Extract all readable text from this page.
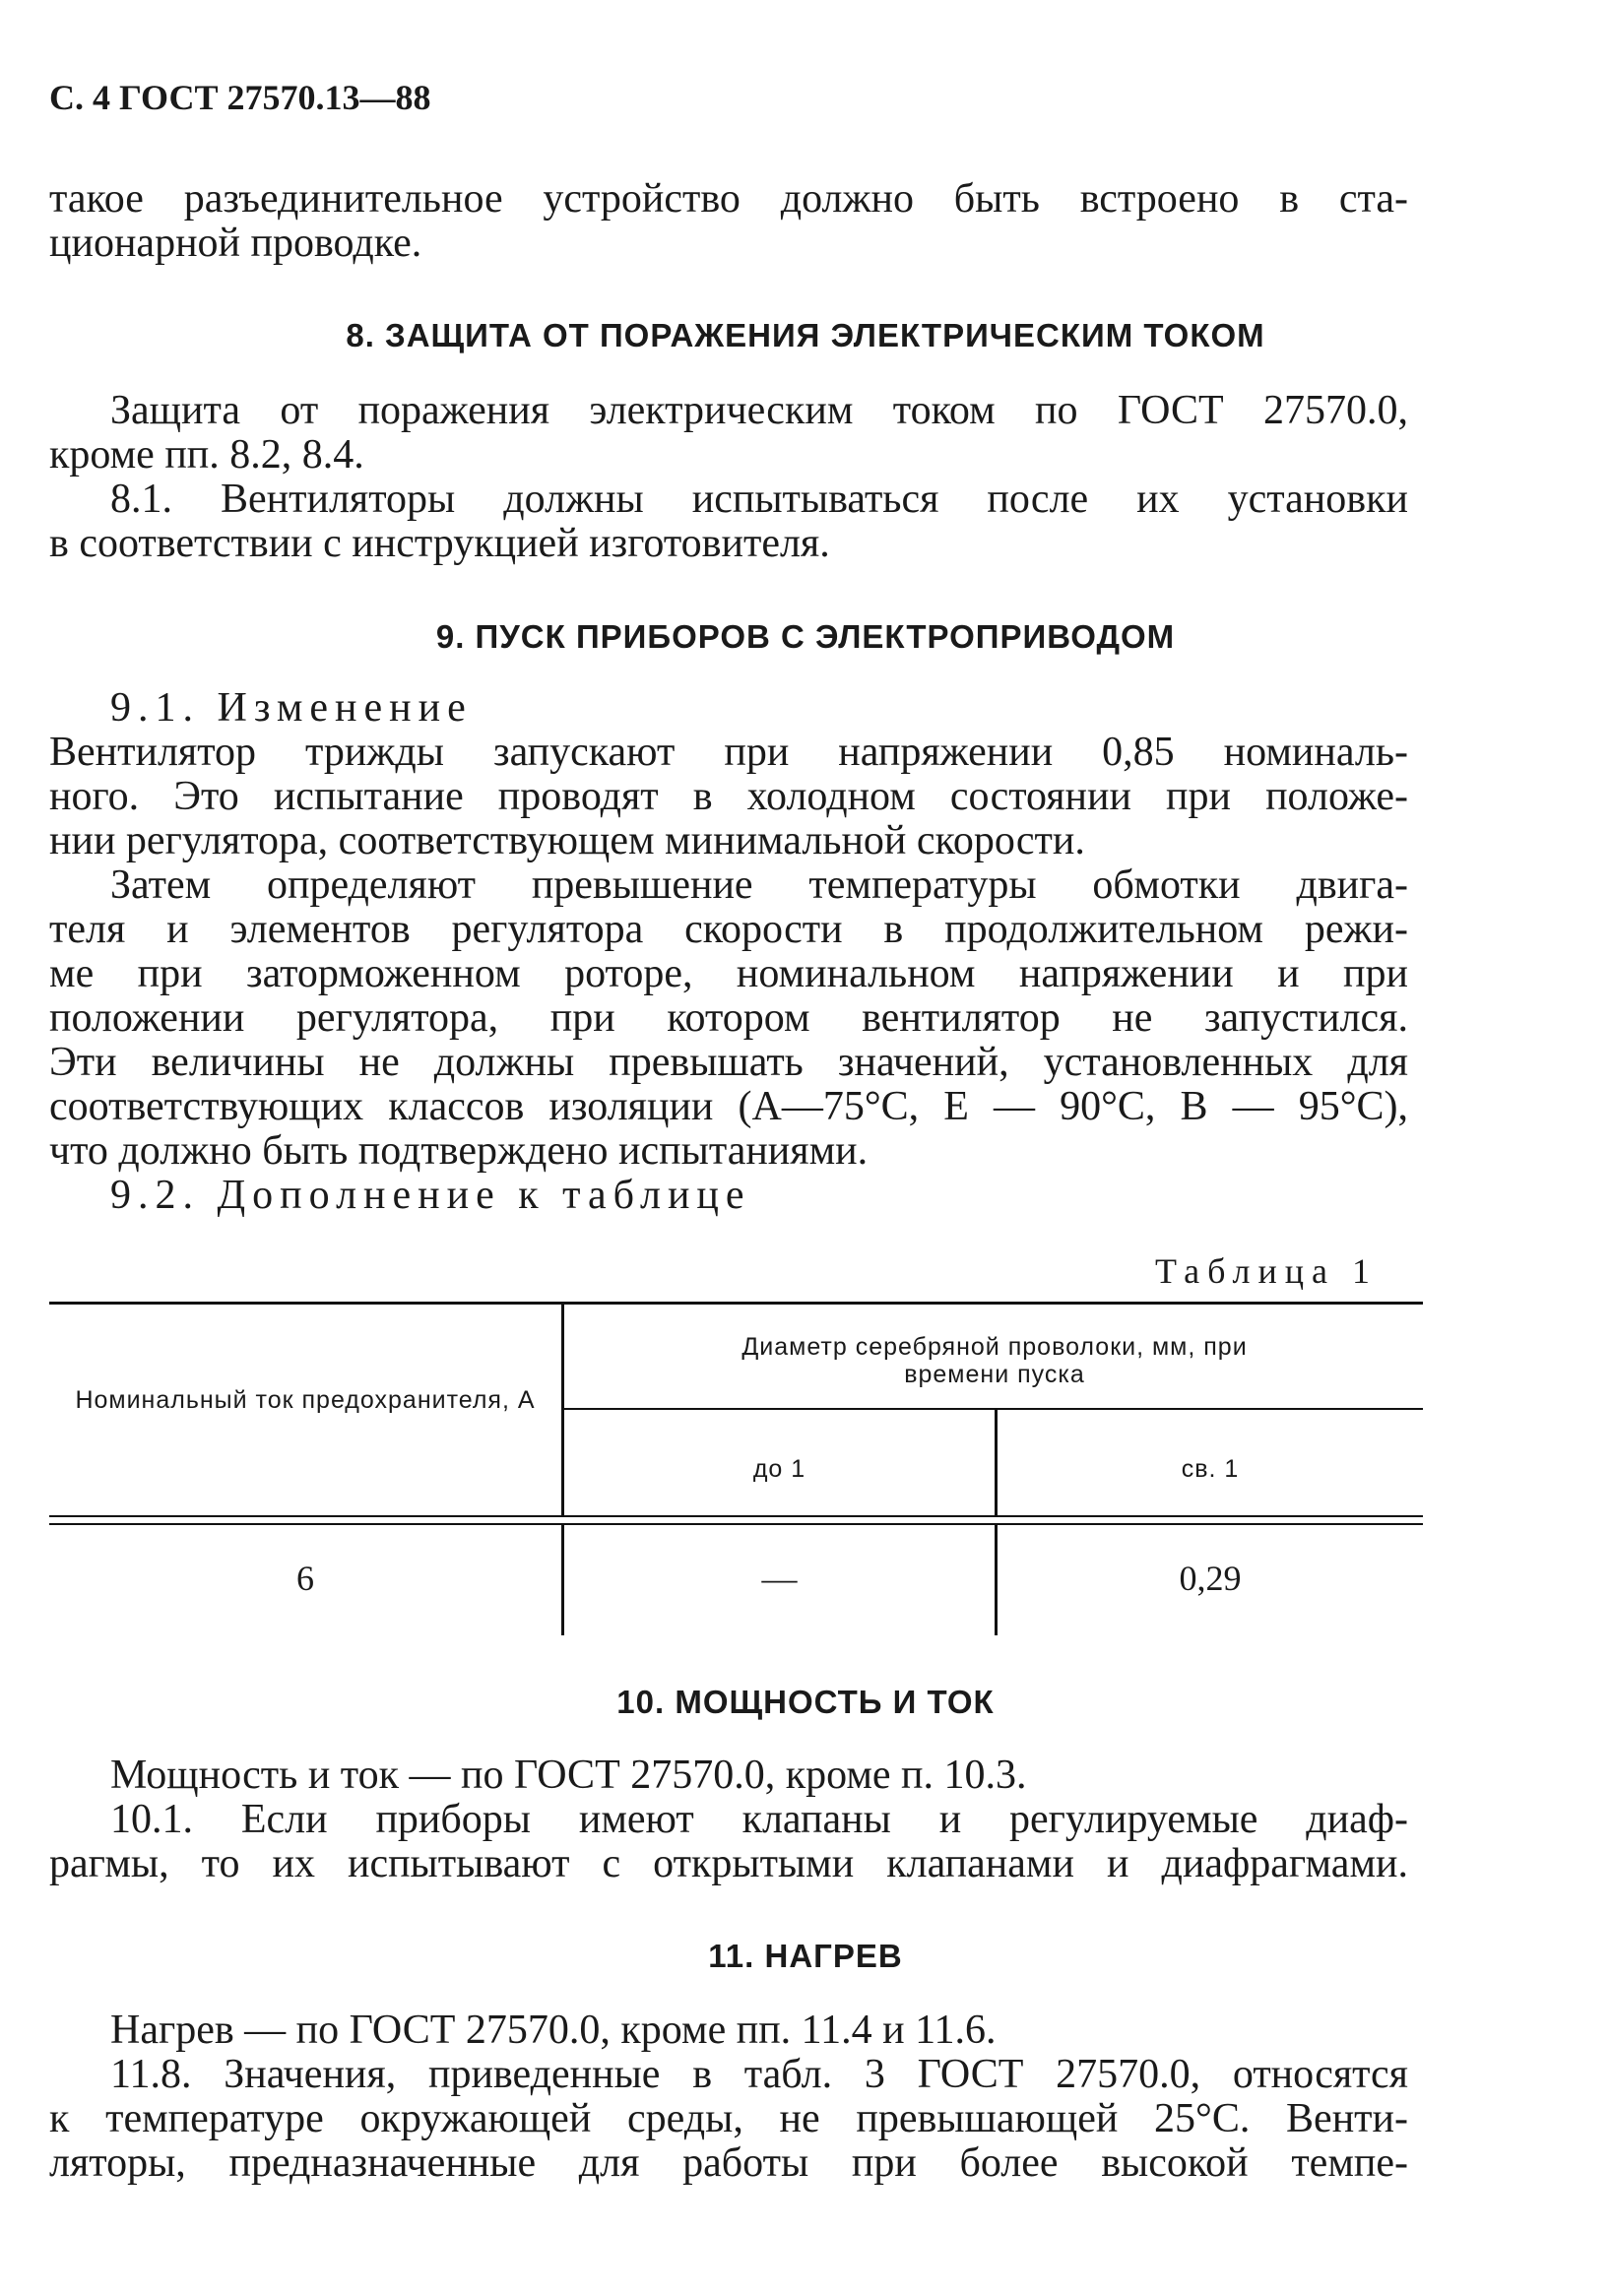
С. 4 ГОСТ 27570.13—88
такое разъединительное устройство должно быть встроено в ста-
ционарной проводке.
8. ЗАЩИТА ОТ ПОРАЖЕНИЯ ЭЛЕКТРИЧЕСКИМ ТОКОМ
Защита от поражения электрическим током по ГОСТ 27570.0,
кроме пп. 8.2, 8.4.
8.1. Вентиляторы должны испытываться после их установки
в соответствии с инструкцией изготовителя.
9. ПУСК ПРИБОРОВ С ЭЛЕКТРОПРИВОДОМ
9.1. Изменение
Вентилятор трижды запускают при напряжении 0,85 номиналь-
ного. Это испытание проводят в холодном состоянии при положе-
нии регулятора, соответствующем минимальной скорости.
Затем определяют превышение температуры обмотки двига-
теля и элементов регулятора скорости в продолжительном режи-
ме при заторможенном роторе, номинальном напряжении и при
положении регулятора, при котором вентилятор не запустился.
Эти величины не должны превышать значений, установленных для
соответствующих классов изоляции (А—75°С, Е — 90°С, В — 95°С),
что должно быть подтверждено испытаниями.
9.2. Дополнение к таблице
Таблица 1
Номинальный ток предохранителя, А
Диаметр серебряной проволоки, мм, при времени пуска
до 1	св. 1
6	—	0,29
10. МОЩНОСТЬ И ТОК
Мощность и ток — по ГОСТ 27570.0, кроме п. 10.3.
10.1. Если приборы имеют клапаны и регулируемые диаф-
рагмы, то их испытывают с открытыми клапанами и диафрагмами.
11. НАГРЕВ
Нагрев — по ГОСТ 27570.0, кроме пп. 11.4 и 11.6.
11.8. Значения, приведенные в табл. 3 ГОСТ 27570.0, относятся
к температуре окружающей среды, не превышающей 25°С. Венти-
ляторы, предназначенные для работы при более высокой темпе-
